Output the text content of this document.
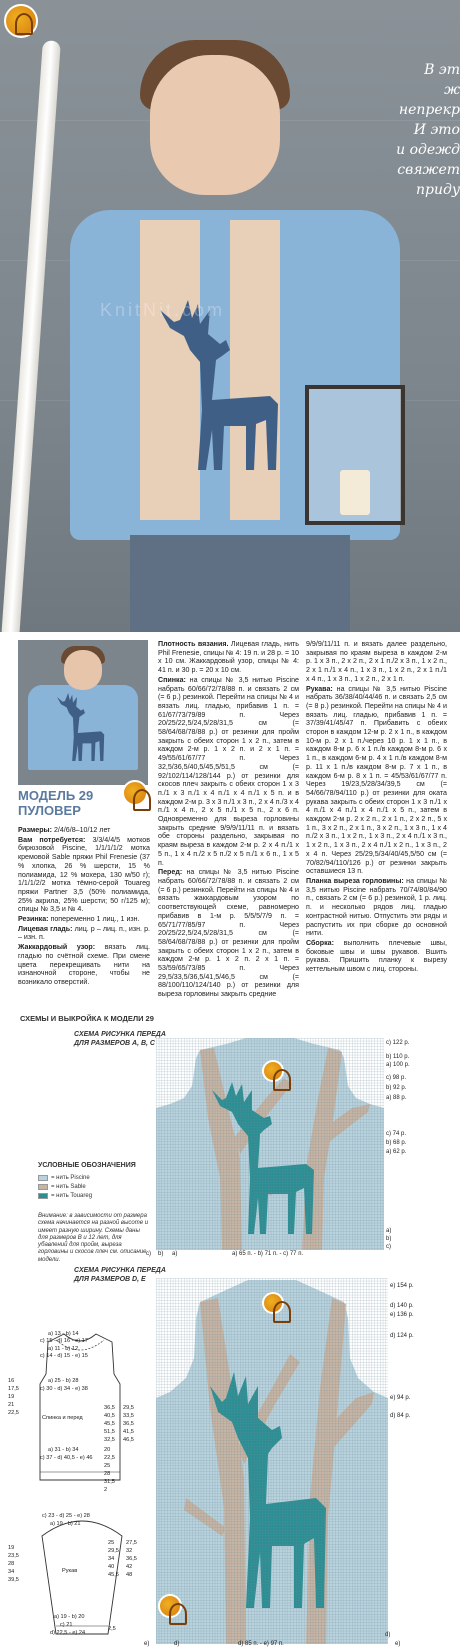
KnitNit.com
В эт
ж
непрекр
И это
и одежд
свяжет
приду
МОДЕЛЬ 29
ПУЛОВЕР

Размеры: 2/4/6/8–10/12 лет

Вам потребуется: 3/3/4/4/5 мотков бирюзовой Piscine, 1/1/1/1/2 мотка кремовой Sable пряжи Phil Frenesie (37 % хлопка, 26 % шерсти, 15 % полиамида, 12 % мохера, 130 м/50 г); 1/1/1/2/2 мотка тёмно-серой Touareg пряжи Partner 3,5 (50% полиамида, 25% акрила, 25% шерсти; 50 г/125 м); спицы № 3,5 и № 4.

Резинка: попеременно 1 лиц., 1 изн.

Лицевая гладь: лиц. р – лиц. п., изн. р. – изн. п.

Жаккардовый узор: вязать лиц. гладью по счётной схеме. При смене цвета перекрещивать нити на изнаночной стороне, чтобы не возникало отверстий.

Плотность вязания. Лицевая гладь, нить Phil Frenesie, спицы № 4: 19 п. и 28 р. = 10 х 10 см. Жаккардовый узор, спицы № 4: 41 п. и 30 р. = 20 х 10 см.

Спинка: на спицы № 3,5 нитью Piscine набрать 60/66/72/78/88 п. и связать 2 см (= 6 р.) резинкой. Перейти на спицы № 4 и вязать лиц. гладью, прибавив 1 п. = 61/67/73/79/89 п. Через 20/25/22,5/24,5/28/31,5 см (= 58/64/68/78/88 р.) от резинки для пройм закрыть с обеих сторон 1 х 2 п., затем в каждом 2-м р. 1 х 2 п. и 2 х 1 п. = 49/55/61/67/77 п. Через 32,5/36,5/40,5/45,5/51,5 см (= 92/102/114/128/144 р.) от резинки для скосов плеч закрыть с обеих сторон 1 х 3 п./1 х 3 п./1 х 4 п./1 х 4 п./1 х 5 п. и в каждом 2-м р. 3 х 3 п./1 х 3 п., 2 х 4 п./3 х 4 п./1 х 4 п., 2 х 5 п./1 х 5 п., 2 х 6 п. Одновременно для выреза горловины закрыть средние 9/9/9/11/11 п. и вязать обе стороны раздельно, закрывая по краям выреза в каждом 2-м р. 2 х 4 п./1 х 5 п., 1 х 4 п./2 х 5 п./2 х 5 п./1 х 6 п., 1 х 5 п.

Перед: на спицы № 3,5 нитью Piscine набрать 60/66/72/78/88 п. и связать 2 см (= 6 р.) резинкой. Перейти на спицы № 4 и вязать жаккардовым узором по соответствующей схеме, равномерно прибавив в 1-м р. 5/5/5/7/9 п. = 65/71/77/85/97 п. Через 20/25/22,5/24,5/28/31,5 см (= 58/64/68/78/88 р.) от резинки для пройм закрыть с обеих сторон 1 х 2 п., затем в каждом 2-м р. 1 х 2 п. 2 х 1 п. = 53/59/65/73/85 п. Через 29,5/33,5/36,5/41,5/46,5 см (= 88/100/110/124/140 р.) от резинки для выреза горловины закрыть средние

9/9/9/11/11 п. и вязать далее раздельно, закрывая по краям выреза в каждом 2-м р. 1 х 3 п., 2 х 2 п., 2 х 1 п./2 х 3 п., 1 х 2 п., 2 х 1 п./1 х 4 п., 1 х 3 п., 1 х 2 п., 2 х 1 п./1 х 4 п., 1 х 3 п., 1 х 2 п., 2 х 1 п.

Рукава: на спицы № 3,5 нитью Piscine набрать 36/38/40/44/46 п. и связать 2,5 см (= 8 р.) резинкой. Перейти на спицы № 4 и вязать лиц. гладью, прибавив 1 п. = 37/39/41/45/47 п. Прибавить с обеих сторон в каждом 12-м р. 2 х 1 п., в каждом 10-м р. 2 х 1 п./через 10 р. 1 х 1 п., в каждом 8-м р. 6 х 1 п./в каждом 8-м р. 6 х 1 п., в каждом 6-м р. 4 х 1 п./в каждом 8-м р. 11 х 1 п./в каждом 8-м р. 7 х 1 п., в каждом 6-м р. 8 х 1 п. = 45/53/61/67/77 п. Через 19/23,5/28/34/39,5 см (= 54/66/78/94/110 р.) от резинки для оката рукава закрыть с обеих сторон 1 х 3 п./1 х 4 п./1 х 4 п./1 х 4 п./1 х 5 п., затем в каждом 2-м р. 2 х 2 п., 2 х 1 п., 2 х 2 п., 5 х 1 п., 3 х 2 п., 2 х 1 п., 3 х 2 п., 1 х 3 п., 1 х 4 п./2 х 3 п., 1 х 2 п., 1 х 3 п., 2 х 4 п./1 х 3 п., 1 х 2 п., 1 х 3 п., 2 х 4 п./1 х 2 п., 1 х 3 п., 2 х 4 п. Через 25/29,5/34/40/45,5/50 см (= 70/82/94/110/126 р.) от резинки закрыть оставшиеся 13 п.

Планка выреза горловины: на спицы № 3,5 нитью Piscine набрать 70/74/80/84/90 п., связать 2 см (= 6 р.) резинкой, 1 р. лиц. п. и несколько рядов лиц. гладью контрастной нитью. Отпустить эти ряды и распустить их при сборке до основной нити.

Сборка: выполнить плечевые швы, боковые швы и швы рукавов. Вшить рукава. Пришить планку к вырезу кеттельным швом с лиц. стороны.

СХЕМЫ И ВЫКРОЙКА К МОДЕЛИ 29
СХЕМА РИСУНКА ПЕРЕДА
ДЛЯ РАЗМЕРОВ A, B, C	c) 122 р.
b) 110 р.
a) 100 р.
c) 98 р.
b) 92 р.
a) 88 р.
c) 74 р.
b) 68 р.
a) 62 р.
c) b) a)	a) 65 п. - b) 71 п. - c) 77 п.
a)
b)
c)
УСЛОВНЫЕ ОБОЗНАЧЕНИЯ
= нить Piscine
= нить Sable
= нить Touareg
Внимание: в зависимости от размера схема начинается на разной высоте и имеет разную ширину. Схемы даны для размеров B и 12 лет, для убавлений для пройм, выреза горловины и скосов плеч см. описание модели.
СХЕМА РИСУНКА ПЕРЕДА
ДЛЯ РАЗМЕРОВ D, E
e) 154 р.
d) 140 р.
e) 136 р.
d) 124 р.
e) 94 р.
d) 84 р.
e)	d)	d) 85 п. - e) 97 п.
d)
e)
a) 13 - b) 14
c) 15 - d) 16 - e) 17
a) 11 - b) 12
c) 14 - d) 15 - e) 15
16
17,5
19
21
22,5
a) 25 - b) 28
c) 30 - d) 34 - e) 38
Спинка и перед
a) 31 - b) 34
c) 37 - d) 40,5 - e) 46
36,5
40,5
45,5
51,5
32,5
29,5
33,5
36,5
41,5
46,5
20
22,5
25
28
31,5
2
c) 23 - d) 25 - e) 28
a) 19 - b) 21
19
23,5
28
34
39,5
Рукав
25
29,5
34
40
45,5
27,5
32
36,5
42
48
a) 19 - b) 20
c) 21
d) 22,5 - e) 24
2,5
